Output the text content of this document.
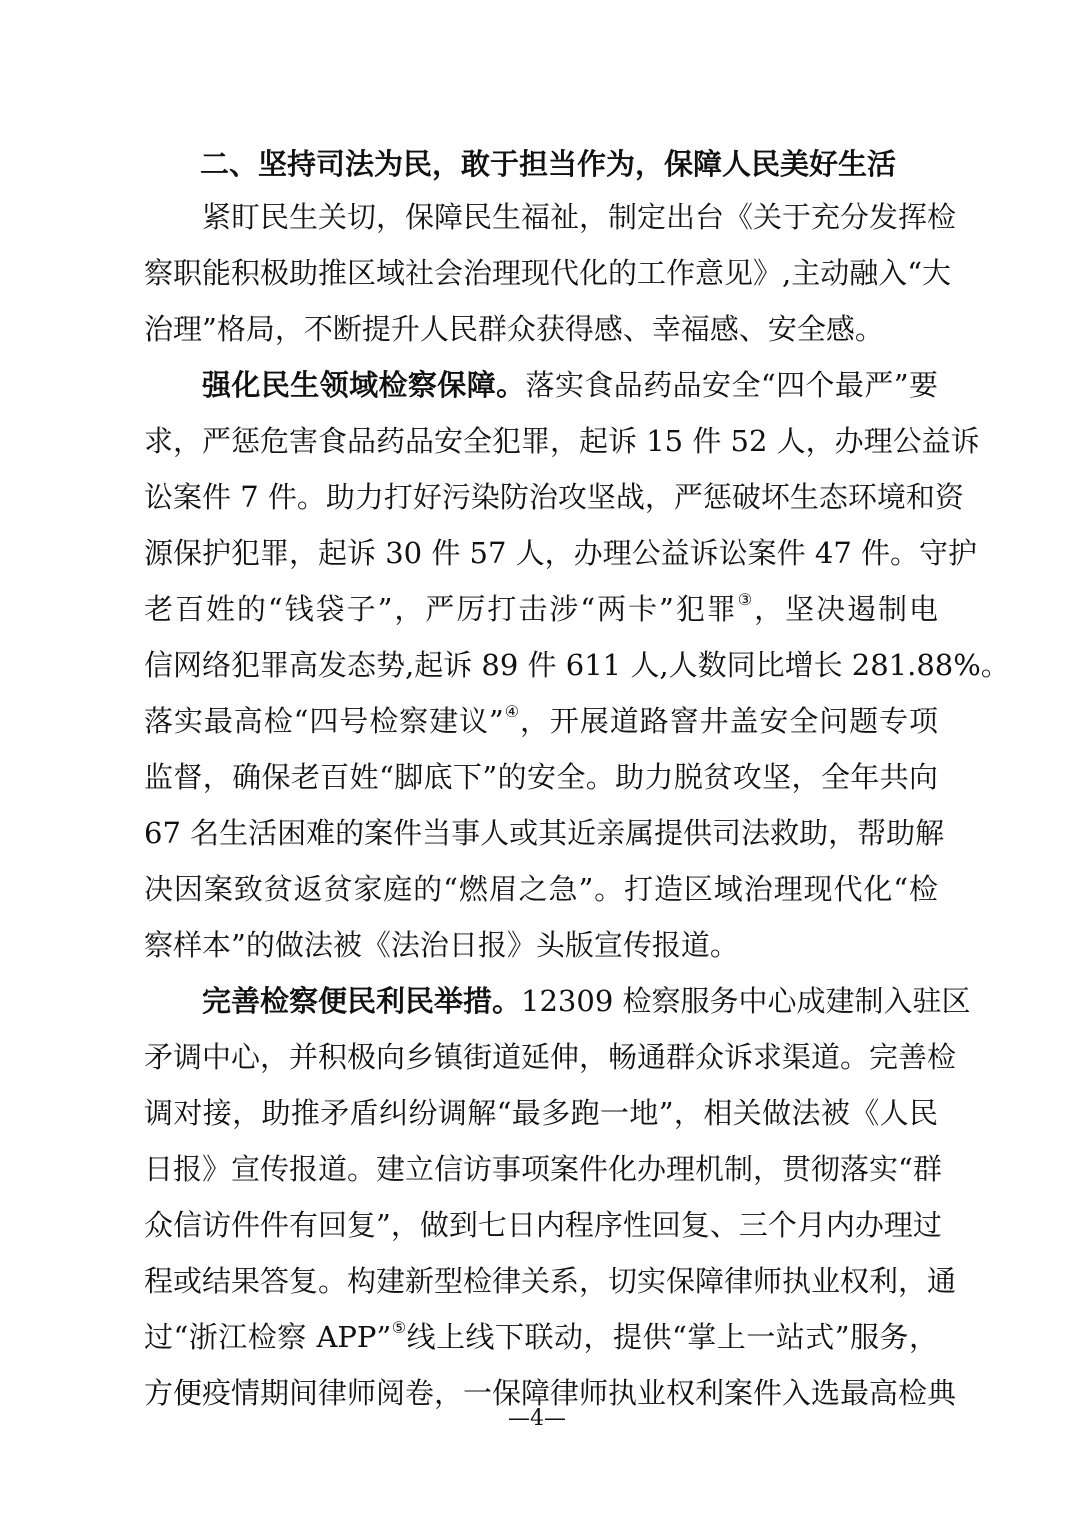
二、坚持司法为民，敢于担当作为，保障人民美好生活
紧盯民生关切，保障民生福祉，制定出台《关于充分发挥检
察职能积极助推区域社会治理现代化的工作意见》,主动融入“大
治理”格局，不断提升人民群众获得感、幸福感、安全感。
强化民生领域检察保障。落实食品药品安全“四个最严”要
求，严惩危害食品药品安全犯罪，起诉 15 件 52 人，办理公益诉
讼案件 7 件。助力打好污染防治攻坚战，严惩破坏生态环境和资
源保护犯罪，起诉 30 件 57 人，办理公益诉讼案件 47 件。守护
老百姓的“钱袋子”，严厉打击涉“两卡”犯罪③，坚决遏制电
信网络犯罪高发态势,起诉 89 件 611 人,人数同比增长 281.88%。
落实最高检“四号检察建议”④，开展道路窨井盖安全问题专项
监督，确保老百姓“脚底下”的安全。助力脱贫攻坚，全年共向
67 名生活困难的案件当事人或其近亲属提供司法救助，帮助解
决因案致贫返贫家庭的“燃眉之急”。打造区域治理现代化“检
察样本”的做法被《法治日报》头版宣传报道。
完善检察便民利民举措。12309 检察服务中心成建制入驻区
矛调中心，并积极向乡镇街道延伸，畅通群众诉求渠道。完善检
调对接，助推矛盾纠纷调解“最多跑一地”，相关做法被《人民
日报》宣传报道。建立信访事项案件化办理机制，贯彻落实“群
众信访件件有回复”，做到七日内程序性回复、三个月内办理过
程或结果答复。构建新型检律关系，切实保障律师执业权利，通
过“浙江检察 APP”⑤线上线下联动，提供“掌上一站式”服务，
方便疫情期间律师阅卷，一保障律师执业权利案件入选最高检典
—4—
